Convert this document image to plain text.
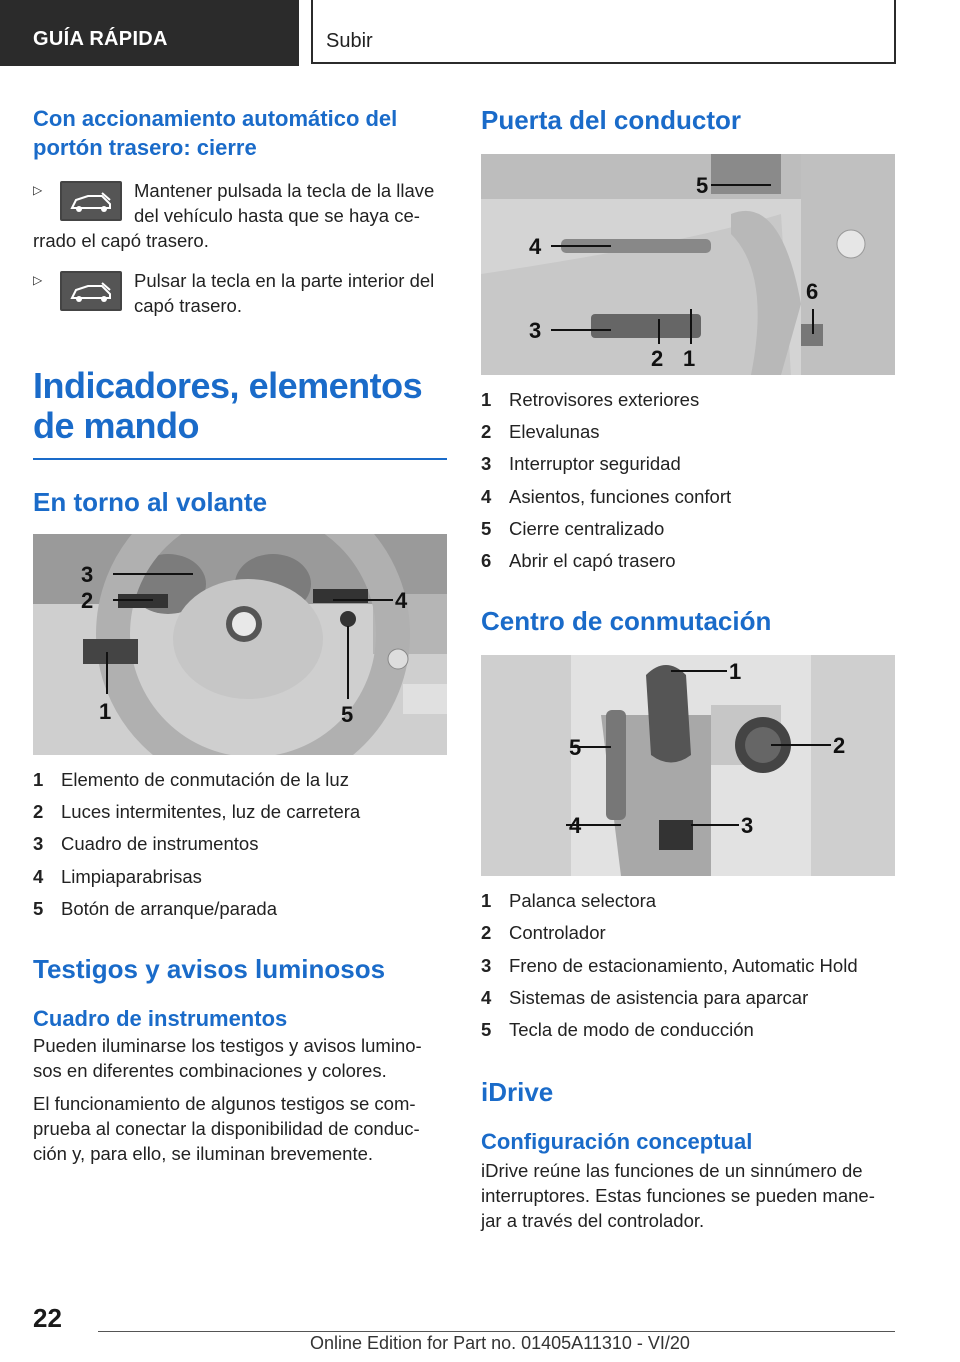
GUÍA RÁPIDA	Subir
Con accionamiento automático del portón trasero: cierre
▷	Mantener pulsada la tecla de la llave del vehículo hasta que se haya ce-rrado el capó trasero.
▷	Pulsar la tecla en la parte interior del capó trasero.
Indicadores, elementos de mando
En torno al volante
3
2	4
1	5
1 Elemento de conmutación de la luz
2 Luces intermitentes, luz de carretera
3 Cuadro de instrumentos
4 Limpiaparabrisas
5 Botón de arranque/parada
Testigos y avisos luminosos
Cuadro de instrumentos

Pueden iluminarse los testigos y avisos lumino-sos en diferentes combinaciones y colores.

El funcionamiento de algunos testigos se com-prueba al conectar la disponibilidad de conduc-ción y, para ello, se iluminan brevemente.

Puerta del conductor
5
4
3
2 1
6
1 Retrovisores exteriores
2 Elevalunas
3 Interruptor seguridad
4 Asientos, funciones confort
5 Cierre centralizado
6 Abrir el capó trasero
Centro de conmutación
1
2
3
4
5
1 Palanca selectora
2 Controlador
3 Freno de estacionamiento, Automatic Hold
4 Sistemas de asistencia para aparcar
5 Tecla de modo de conducción
iDrive
Configuración conceptual

iDrive reúne las funciones de un sinnúmero de interruptores. Estas funciones se pueden mane-jar a través del controlador.

22
Online Edition for Part no. 01405A11310 - VI/20
